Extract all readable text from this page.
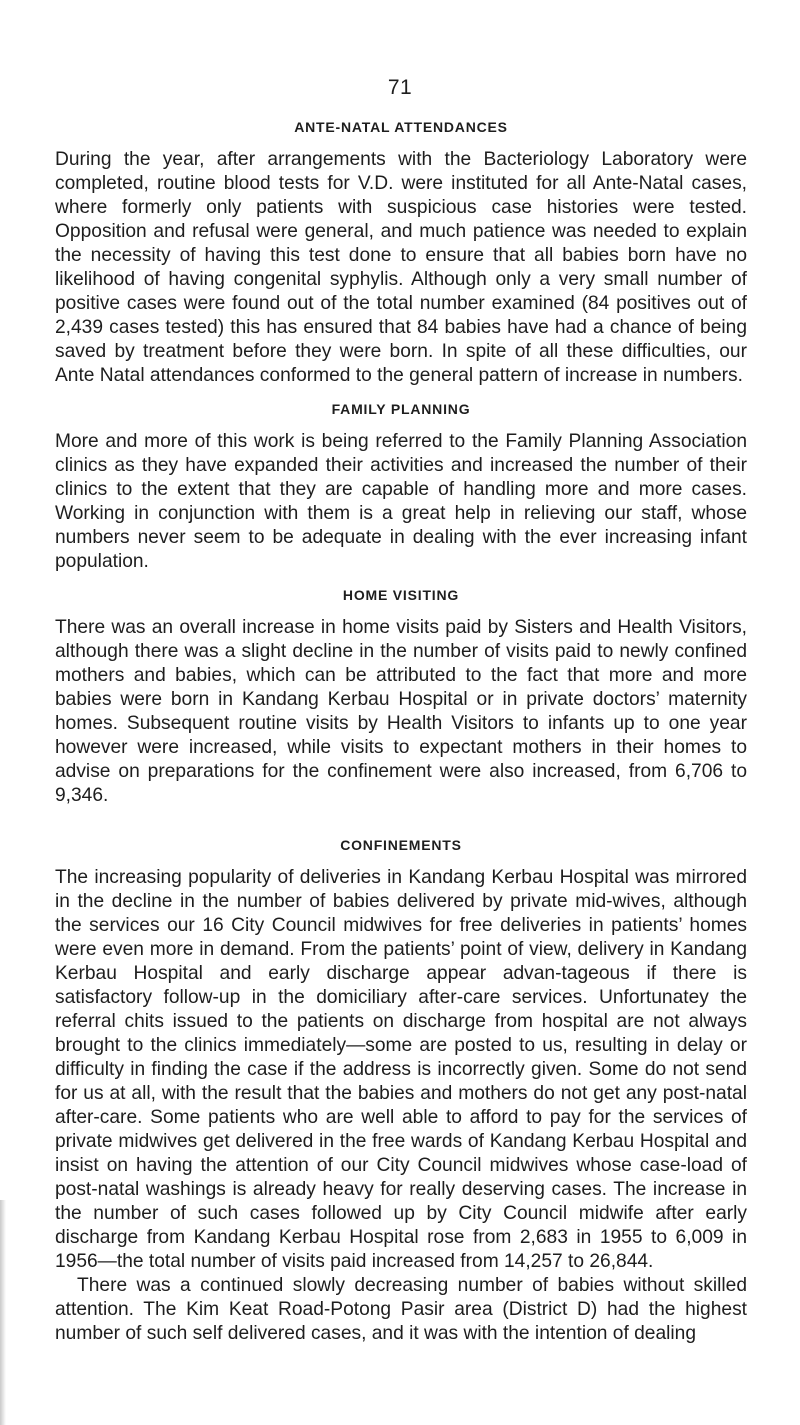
71
ANTE-NATAL ATTENDANCES

During the year, after arrangements with the Bacteriology Laboratory were completed, routine blood tests for V.D. were instituted for all Ante-Natal cases, where formerly only patients with suspicious case histories were tested. Opposition and refusal were general, and much patience was needed to explain the necessity of having this test done to ensure that all babies born have no likelihood of having congenital syphylis. Although only a very small number of positive cases were found out of the total number examined (84 positives out of 2,439 cases tested) this has ensured that 84 babies have had a chance of being saved by treatment before they were born. In spite of all these difficulties, our Ante Natal attendances conformed to the general pattern of increase in numbers.

FAMILY PLANNING

More and more of this work is being referred to the Family Planning Association clinics as they have expanded their activities and increased the number of their clinics to the extent that they are capable of handling more and more cases. Working in conjunction with them is a great help in relieving our staff, whose numbers never seem to be adequate in dealing with the ever increasing infant population.

HOME VISITING

There was an overall increase in home visits paid by Sisters and Health Visitors, although there was a slight decline in the number of visits paid to newly confined mothers and babies, which can be attributed to the fact that more and more babies were born in Kandang Kerbau Hospital or in private doctors’ maternity homes. Subsequent routine visits by Health Visitors to infants up to one year however were increased, while visits to expectant mothers in their homes to advise on preparations for the confinement were also increased, from 6,706 to 9,346.

CONFINEMENTS

The increasing popularity of deliveries in Kandang Kerbau Hospital was mirrored in the decline in the number of babies delivered by private mid-wives, although the services our 16 City Council midwives for free deliveries in patients’ homes were even more in demand. From the patients’ point of view, delivery in Kandang Kerbau Hospital and early discharge appear advan-tageous if there is satisfactory follow-up in the domiciliary after-care services. Unfortunatey the referral chits issued to the patients on discharge from hospital are not always brought to the clinics immediately—some are posted to us, resulting in delay or difficulty in finding the case if the address is incorrectly given. Some do not send for us at all, with the result that the babies and mothers do not get any post-natal after-care. Some patients who are well able to afford to pay for the services of private midwives get delivered in the free wards of Kandang Kerbau Hospital and insist on having the attention of our City Council midwives whose case-load of post-natal washings is already heavy for really deserving cases. The increase in the number of such cases followed up by City Council midwife after early discharge from Kandang Kerbau Hospital rose from 2,683 in 1955 to 6,009 in 1956—the total number of visits paid increased from 14,257 to 26,844.

There was a continued slowly decreasing number of babies without skilled attention. The Kim Keat Road-Potong Pasir area (District D) had the highest number of such self delivered cases, and it was with the intention of dealing
